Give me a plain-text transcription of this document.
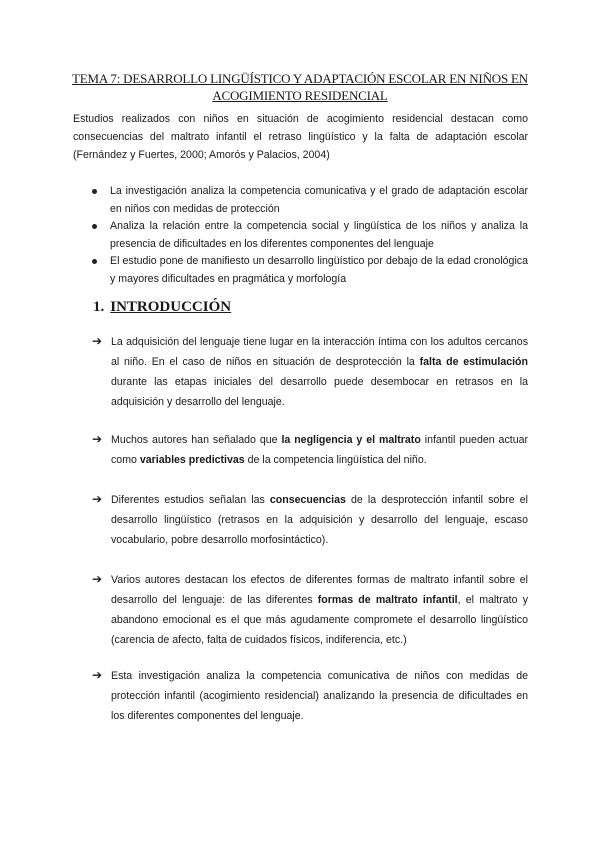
TEMA 7: DESARROLLO LINGÜÍSTICO Y ADAPTACIÓN ESCOLAR EN NIÑOS EN ACOGIMIENTO RESIDENCIAL
Estudios realizados con niños en situación de acogimiento residencial destacan como consecuencias del maltrato infantil el retraso lingüístico y la falta de adaptación escolar (Fernández y Fuertes, 2000; Amorós y Palacios, 2004)
La investigación analiza la competencia comunicativa y el grado de adaptación escolar en niños con medidas de protección
Analiza la relación entre la competencia social y lingüística de los niños y analiza la presencia de dificultades en los diferentes componentes del lenguaje
El estudio pone de manifiesto un desarrollo lingüístico por debajo de la edad cronológica y mayores dificultades en pragmática y morfología
1. INTRODUCCIÓN
➔ La adquisición del lenguaje tiene lugar en la interacción íntima con los adultos cercanos al niño. En el caso de niños en situación de desprotección la falta de estimulación durante las etapas iniciales del desarrollo puede desembocar en retrasos en la adquisición y desarrollo del lenguaje.
➔ Muchos autores han señalado que la negligencia y el maltrato infantil pueden actuar como variables predictivas de la competencia lingüística del niño.
➔ Diferentes estudios señalan las consecuencias de la desprotección infantil sobre el desarrollo lingüístico (retrasos en la adquisición y desarrollo del lenguaje, escaso vocabulario, pobre desarrollo morfosintáctico).
➔ Varios autores destacan los efectos de diferentes formas de maltrato infantil sobre el desarrollo del lenguaje: de las diferentes formas de maltrato infantil, el maltrato y abandono emocional es el que más agudamente compromete el desarrollo lingüístico (carencia de afecto, falta de cuidados físicos, indiferencia, etc.)
➔ Esta investigación analiza la competencia comunicativa de niños con medidas de protección infantil (acogimiento residencial) analizando la presencia de dificultades en los diferentes componentes del lenguaje.
